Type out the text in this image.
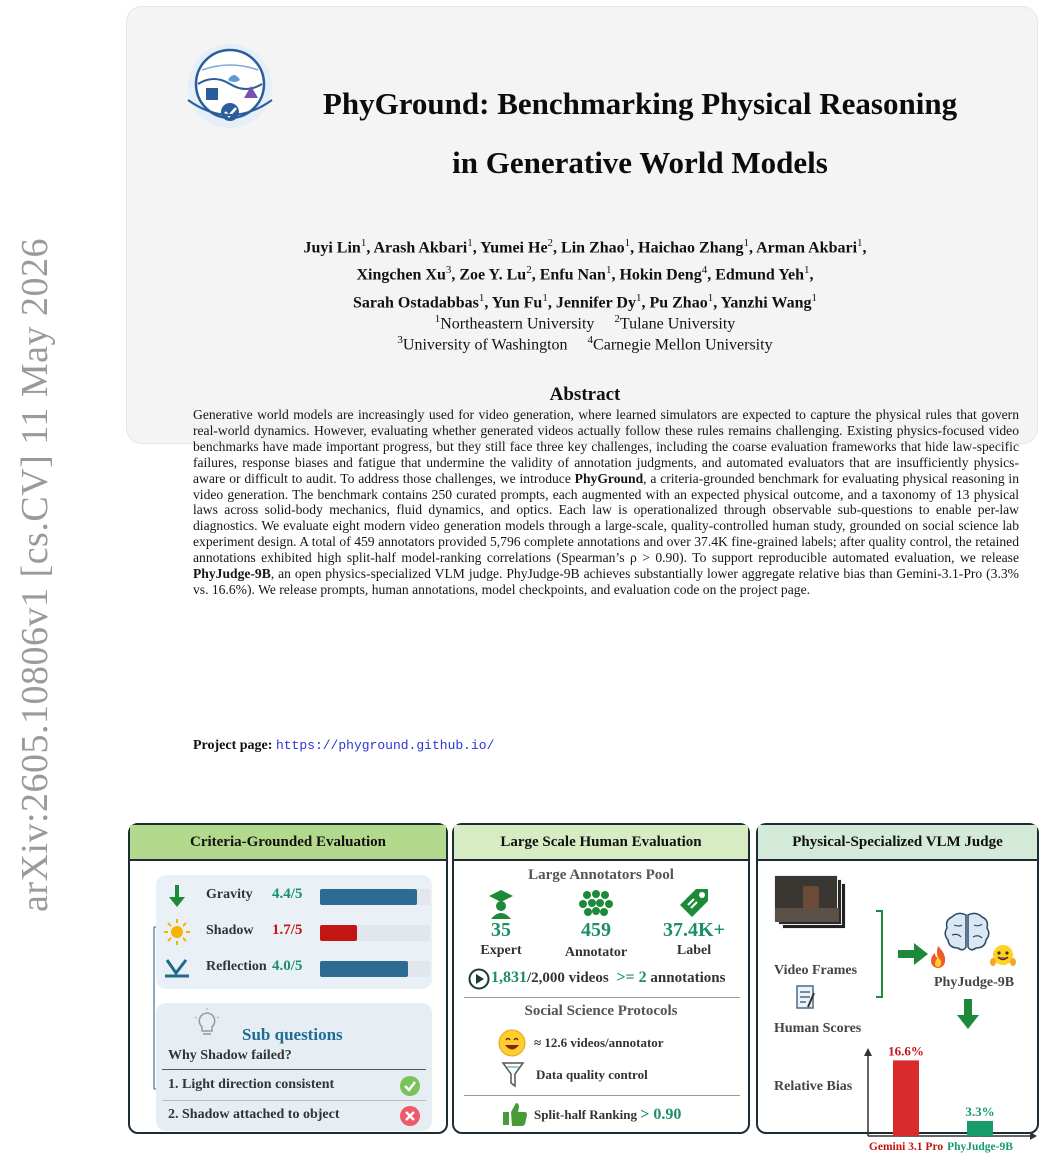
arXiv:2605.10806v1 [cs.CV] 11 May 2026
PhyGround: Benchmarking Physical Reasoning
in Generative World Models
Juyi Lin$^1$, Arash Akbari$^1$, Yumei He$^2$, Lin Zhao$^1$, Haichao Zhang$^1$, Arman Akbari$^1$,
Xingchen Xu$^3$, Zoe Y. Lu$^2$, Enfu Nan$^1$, Hokin Deng$^4$, Edmund Yeh$^1$,
Sarah Ostadabbas$^1$, Yun Fu$^1$, Jennifer Dy$^1$, Pu Zhao$^1$, Yanzhi Wang$^1$
$^1$Northeastern University $^2$Tulane University
$^3$University of Washington $^4$Carnegie Mellon University
Abstract
Generative world models are increasingly used for video generation, where learned simulators are expected to capture the physical rules that govern real-world dynamics. However, evaluating whether generated videos actually follow these rules remains challenging. Existing physics-focused video benchmarks have made important progress, but they still face three key challenges, including the coarse evaluation frameworks that hide law-specific failures, response biases and fatigue that undermine the validity of annotation judgments, and automated evaluators that are insufficiently physics-aware or difficult to audit. To address those challenges, we introduce PhyGround, a criteria-grounded benchmark for evaluating physical reasoning in video generation. The benchmark contains 250 curated prompts, each augmented with an expected physical outcome, and a taxonomy of 13 physical laws across solid-body mechanics, fluid dynamics, and optics. Each law is operationalized through observable sub-questions to enable per-law diagnostics. We evaluate eight modern video generation models through a large-scale, quality-controlled human study, grounded on social science lab experiment design. A total of 459 annotators provided 5,796 complete annotations and over 37.4K fine-grained labels; after quality control, the retained annotations exhibited high split-half model-ranking correlations (Spearman’s ρ > 0.90). To support reproducible automated evaluation, we release PhyJudge-9B, an open physics-specialized VLM judge. PhyJudge-9B achieves substantially lower aggregate relative bias than Gemini-3.1-Pro (3.3% vs. 16.6%). We release prompts, human annotations, model checkpoints, and evaluation code on the project page.
Project page: https://phyground.github.io/
Criteria-Grounded Evaluation
Gravity 4.4/5
Shadow 1.7/5
Reflection 4.0/5
Sub questions
Why Shadow failed?
1. Light direction consistent
2. Shadow attached to object
Large Scale Human Evaluation
Large Annotators Pool
35	459	37.4K+
Expert	Annotator	Label
1,831/2,000 videos >= 2 annotations
Social Science Protocols
≈ 12.6 videos/annotator
Data quality control
Split-half Ranking > 0.90
Physical-Specialized VLM Judge
Video Frames
Human Scores
PhyJudge-9B
Relative Bias
16.6%
Gemini 3.1 Pro
3.3%
PhyJudge-9B
